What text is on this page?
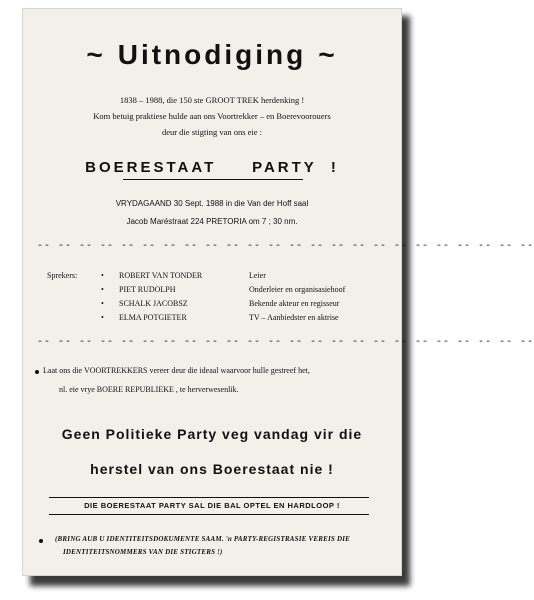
~ Uitnodiging ~
1838 – 1988, die 150 ste GROOT TREK herdenking !
Kom betuig praktiese hulde aan ons Voortrekker – en Boerevoorouers
deur die stigting van ons eie :
BOERESTAAT     PARTY  !
VRYDAGAAND 30 Sept. 1988 in die Van der Hoff saal
Jacob Maréstraat 224 PRETORIA om 7 ; 30 nm.
-- -- -- -- -- -- -- -- -- -- -- -- -- -- -- -- -- -- -- -- -- -- -- --
Sprekers:	• ROBERT VAN TONDER	Leier
• PIET RUDOLPH	Onderleier en organisasiehoof
• SCHALK JACOBSZ	Bekende akteur en regisseur
• ELMA POTGIETER	TV – Aanbiedster en aktrise
-- -- -- -- -- -- -- -- -- -- -- -- -- -- -- -- -- -- -- -- -- -- -- --
Laat ons die VOORTREKKERS vereer deur die ideaal waarvoor hulle gestreef het,
nl. eie vrye BOERE REPUBLIEKE , te herverwesenlik.
Geen Politieke Party veg vandag vir die
herstel van ons Boerestaat nie !
DIE BOERESTAAT PARTY SAL DIE BAL OPTEL EN HARDLOOP !
(BRING AUB U IDENTITEITSDOKUMENTE SAAM. 'n PARTY-REGISTRASIE VEREIS DIE
IDENTITEITSNOMMERS VAN DIE STIGTERS !)
